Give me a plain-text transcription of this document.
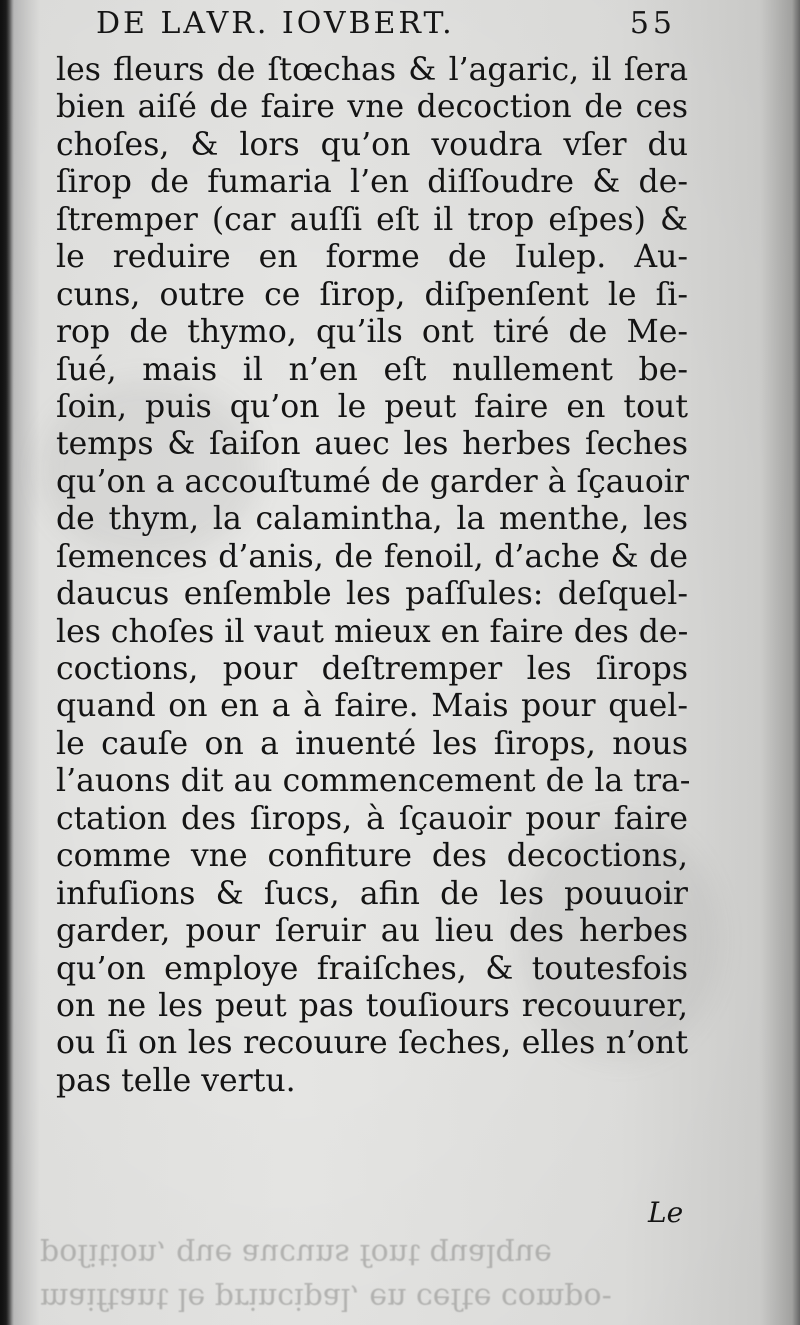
DE LAVR. IOVBERT.	55
les fleurs de ſtœchas & l’agaric, il ſera
bien aiſé de faire vne decoction de ces
choſes, & lors qu’on voudra vſer du
ſirop de fumaria l’en diſſoudre & de-
ſtremper (car auſſi eſt il trop eſpes) &
le reduire en forme de Iulep. Au-
cuns, outre ce ſirop, diſpenſent le ſi-
rop de thymo, qu’ils ont tiré de Me-
ſué, mais il n’en eſt nullement be-
ſoin, puis qu’on le peut faire en tout
temps & ſaiſon auec les herbes ſeches
qu’on a accouſtumé de garder à ſçauoir
de thym, la calamintha, la menthe, les
ſemences d’anis, de fenoil, d’ache & de
daucus enſemble les paſſules: deſquel-
les choſes il vaut mieux en faire des de-
coctions, pour deſtremper les ſirops
quand on en a à faire. Mais pour quel-
le cauſe on a inuenté les ſirops, nous
l’auons dit au commencement de la tra-
ctation des ſirops, à ſçauoir pour faire
comme vne confiture des decoctions,
infuſions & ſucs, afin de les pouuoir
garder, pour ſeruir au lieu des herbes
qu’on employe fraiſches, & toutesfois
on ne les peut pas touſiours recouurer,
ou ſi on les recouure ſeches, elles n’ont
pas telle vertu.
Le
maiftant le principal, en ceſte compo-
poſition, que aucuns font qualque
